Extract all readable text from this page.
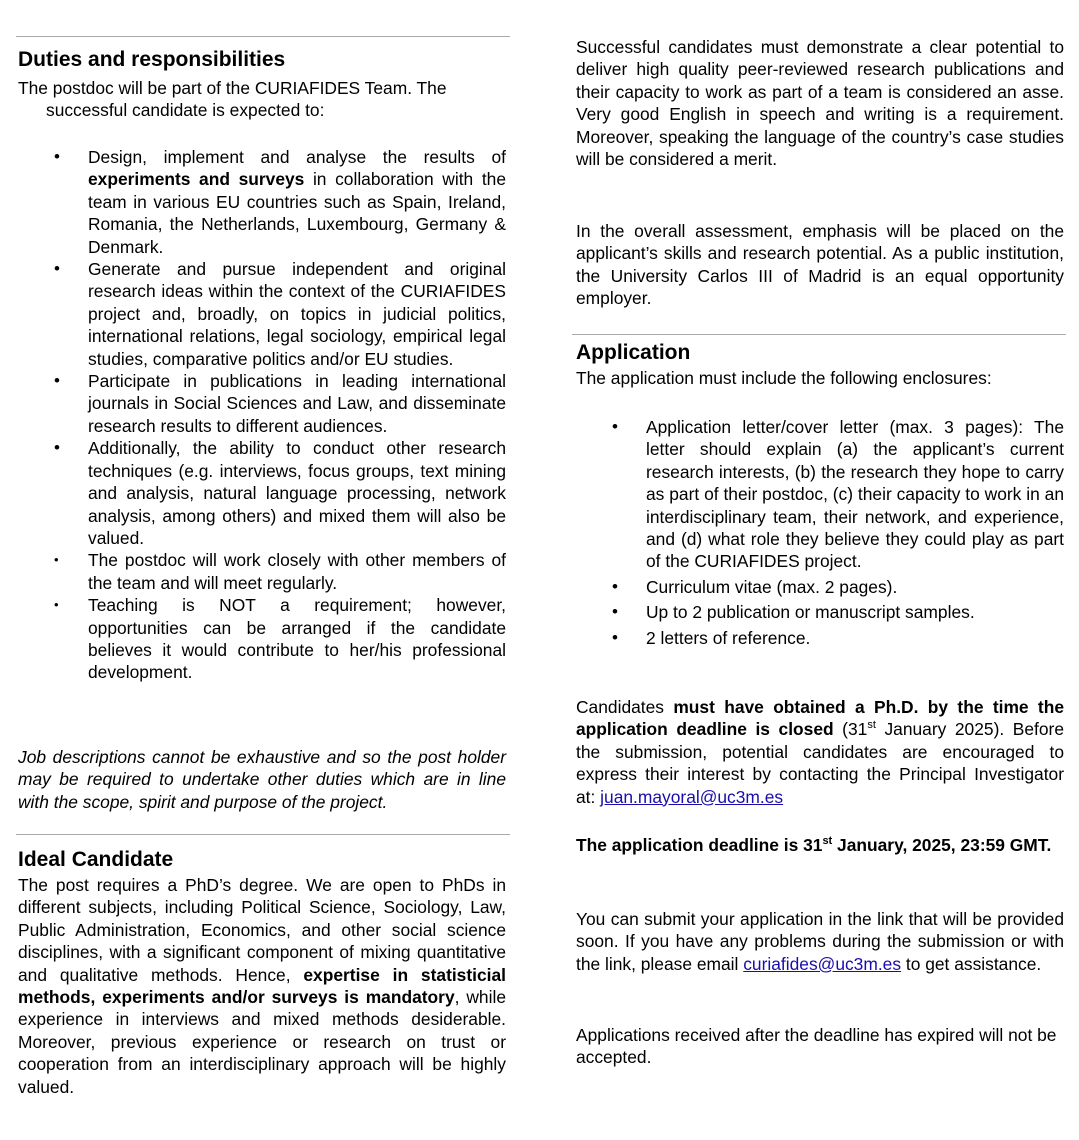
Duties and responsibilities

The postdoc will be part of the CURIAFIDES Team. The

successful candidate is expected to:

• Design, implement and analyse the results of experiments and surveys in collaboration with the team in various EU countries such as Spain, Ireland, Romania, the Netherlands, Luxembourg, Germany & Denmark.
• Generate and pursue independent and original research ideas within the context of the CURIAFIDES project and, broadly, on topics in judicial politics, international relations, legal sociology, empirical legal studies, comparative politics and/or EU studies.
• Participate in publications in leading international journals in Social Sciences and Law, and disseminate research results to different audiences.
• Additionally, the ability to conduct other research techniques (e.g. interviews, focus groups, text mining and analysis, natural language processing, network analysis, among others) and mixed them will also be valued.
• The postdoc will work closely with other members of the team and will meet regularly.
• Teaching is NOT a requirement; however, opportunities can be arranged if the candidate believes it would contribute to her/his professional development.

Job descriptions cannot be exhaustive and so the post holder may be required to undertake other duties which are in line with the scope, spirit and purpose of the project.

Ideal Candidate

The post requires a PhD’s degree. We are open to PhDs in different subjects, including Political Science, Sociology, Law, Public Administration, Economics, and other social science disciplines, with a significant component of mixing quantitative and qualitative methods. Hence, expertise in statisticial methods, experiments and/or surveys is mandatory, while experience in interviews and mixed methods desiderable. Moreover, previous experience or research on trust or cooperation from an interdisciplinary approach will be highly valued.

Successful candidates must demonstrate a clear potential to deliver high quality peer-reviewed research publications and their capacity to work as part of a team is considered an asse. Very good English in speech and writing is a requirement. Moreover, speaking the language of the country’s case studies will be considered a merit.

In the overall assessment, emphasis will be placed on the applicant’s skills and research potential. As a public institution, the University Carlos III of Madrid is an equal opportunity employer.

Application

The application must include the following enclosures:

• Application letter/cover letter (max. 3 pages): The letter should explain (a) the applicant’s current research interests, (b) the research they hope to carry as part of their postdoc, (c) their capacity to work in an interdisciplinary team, their network, and experience, and (d) what role they believe they could play as part of the CURIAFIDES project.
• Curriculum vitae (max. 2 pages).
• Up to 2 publication or manuscript samples.
• 2 letters of reference.

Candidates must have obtained a Ph.D. by the time the application deadline is closed (31st January 2025). Before the submission, potential candidates are encouraged to express their interest by contacting the Principal Investigator at: juan.mayoral@uc3m.es

The application deadline is 31st January, 2025, 23:59 GMT.

You can submit your application in the link that will be provided soon. If you have any problems during the submission or with the link, please email curiafides@uc3m.es to get assistance.

Applications received after the deadline has expired will not be accepted.
